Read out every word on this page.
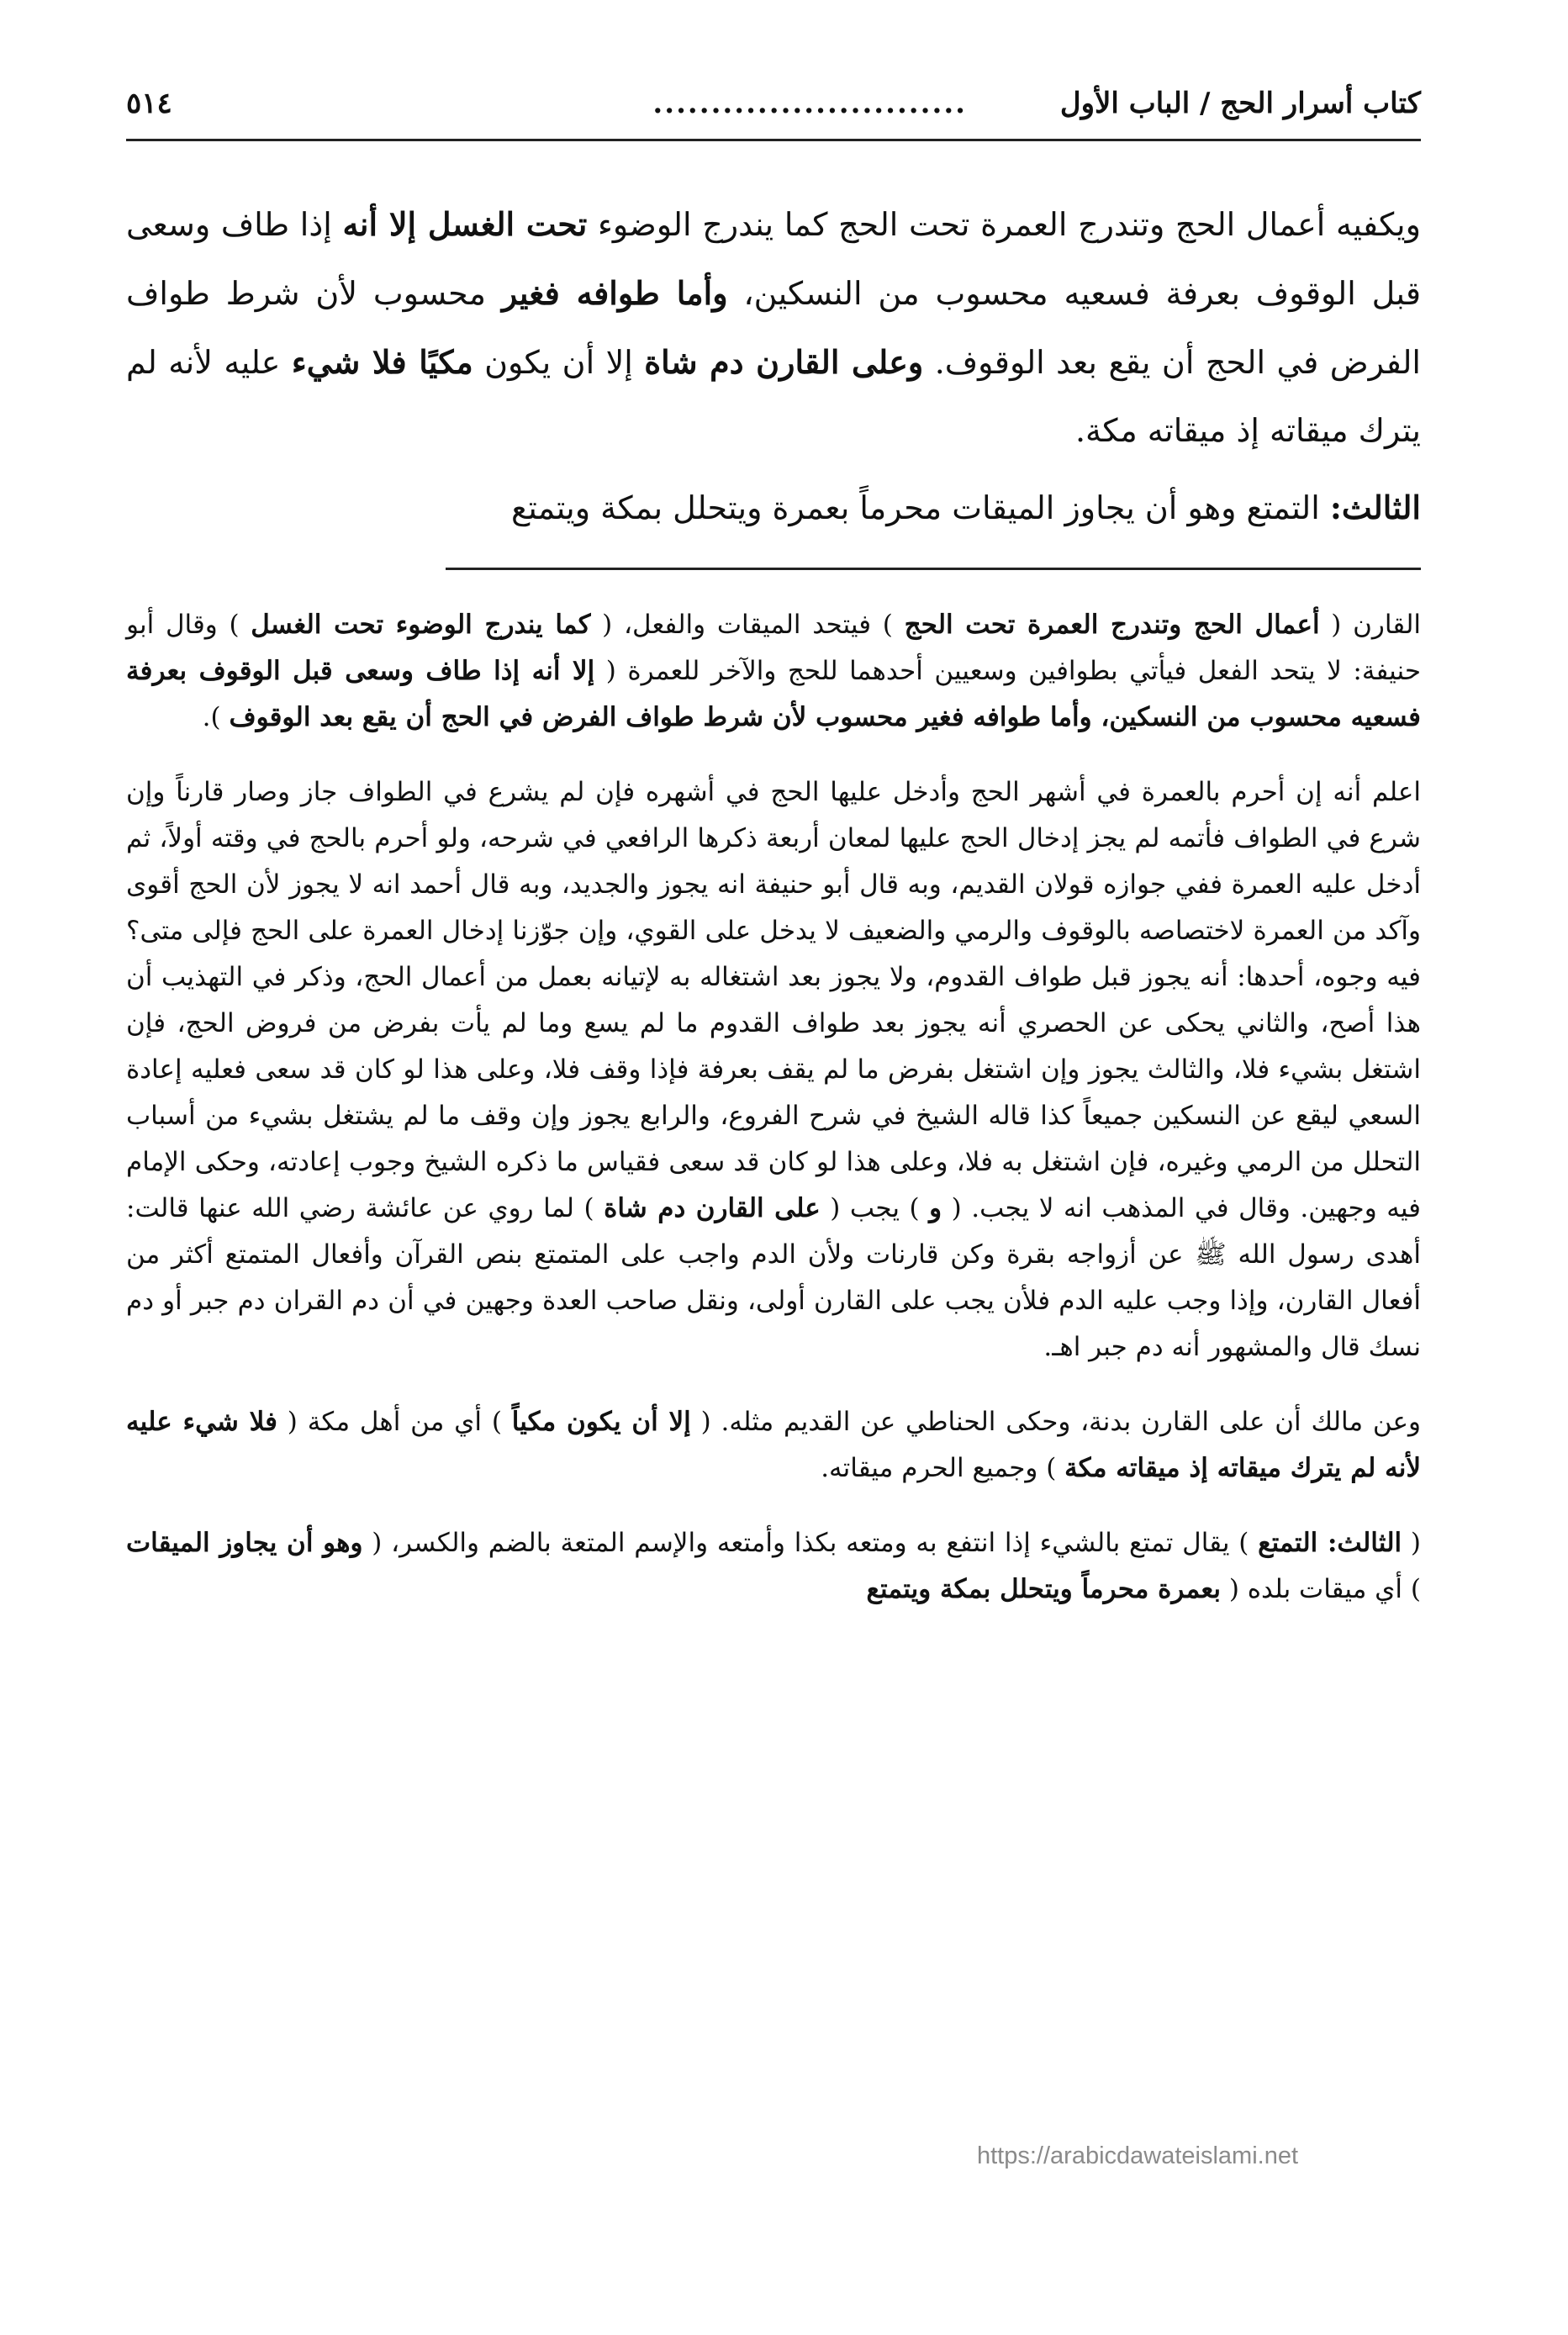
كتاب أسرار الحج / الباب الأول
...........................
٥١٤

ويكفيه أعمال الحج وتندرج العمرة تحت الحج كما يندرج الوضوء تحت الغسل إلا أنه إذا طاف وسعى قبل الوقوف بعرفة فسعيه محسوب من النسكين، وأما طوافه فغير محسوب لأن شرط طواف الفرض في الحج أن يقع بعد الوقوف. وعلى القارن دم شاة إلا أن يكون مكيًا فلا شيء عليه لأنه لم يترك ميقاته إذ ميقاته مكة.

الثالث: التمتع وهو أن يجاوز الميقات محرماً بعمرة ويتحلل بمكة ويتمتع

القارن ( أعمال الحج وتندرج العمرة تحت الحج ) فيتحد الميقات والفعل، ( كما يندرج الوضوء تحت الغسل ) وقال أبو حنيفة: لا يتحد الفعل فيأتي بطوافين وسعيين أحدهما للحج والآخر للعمرة ( إلا أنه إذا طاف وسعى قبل الوقوف بعرفة فسعيه محسوب من النسكين، وأما طوافه فغير محسوب لأن شرط طواف الفرض في الحج أن يقع بعد الوقوف ).

اعلم أنه إن أحرم بالعمرة في أشهر الحج وأدخل عليها الحج في أشهره فإن لم يشرع في الطواف جاز وصار قارناً وإن شرع في الطواف فأتمه لم يجز إدخال الحج عليها لمعان أربعة ذكرها الرافعي في شرحه، ولو أحرم بالحج في وقته أولاً، ثم أدخل عليه العمرة ففي جوازه قولان القديم، وبه قال أبو حنيفة انه يجوز والجديد، وبه قال أحمد انه لا يجوز لأن الحج أقوى وآكد من العمرة لاختصاصه بالوقوف والرمي والضعيف لا يدخل على القوي، وإن جوّزنا إدخال العمرة على الحج فإلى متى؟ فيه وجوه، أحدها: أنه يجوز قبل طواف القدوم، ولا يجوز بعد اشتغاله به لإتيانه بعمل من أعمال الحج، وذكر في التهذيب أن هذا أصح، والثاني يحكى عن الحصري أنه يجوز بعد طواف القدوم ما لم يسع وما لم يأت بفرض من فروض الحج، فإن اشتغل بشيء فلا، والثالث يجوز وإن اشتغل بفرض ما لم يقف بعرفة فإذا وقف فلا، وعلى هذا لو كان قد سعى فعليه إعادة السعي ليقع عن النسكين جميعاً كذا قاله الشيخ في شرح الفروع، والرابع يجوز وإن وقف ما لم يشتغل بشيء من أسباب التحلل من الرمي وغيره، فإن اشتغل به فلا، وعلى هذا لو كان قد سعى فقياس ما ذكره الشيخ وجوب إعادته، وحكى الإمام فيه وجهين. وقال في المذهب انه لا يجب. ( و ) يجب ( على القارن دم شاة ) لما روي عن عائشة رضي الله عنها قالت: أهدى رسول الله ﷺ عن أزواجه بقرة وكن قارنات ولأن الدم واجب على المتمتع بنص القرآن وأفعال المتمتع أكثر من أفعال القارن، وإذا وجب عليه الدم فلأن يجب على القارن أولى، ونقل صاحب العدة وجهين في أن دم القران دم جبر أو دم نسك قال والمشهور أنه دم جبر اهـ.

وعن مالك أن على القارن بدنة، وحكى الحناطي عن القديم مثله. ( إلا أن يكون مكياً ) أي من أهل مكة ( فلا شيء عليه لأنه لم يترك ميقاته إذ ميقاته مكة ) وجميع الحرم ميقاته.

( الثالث: التمتع ) يقال تمتع بالشيء إذا انتفع به ومتعه بكذا وأمتعه والإسم المتعة بالضم والكسر، ( وهو أن يجاوز الميقات ) أي ميقات بلده ( بعمرة محرماً ويتحلل بمكة ويتمتع

https://arabicdawateislami.net
